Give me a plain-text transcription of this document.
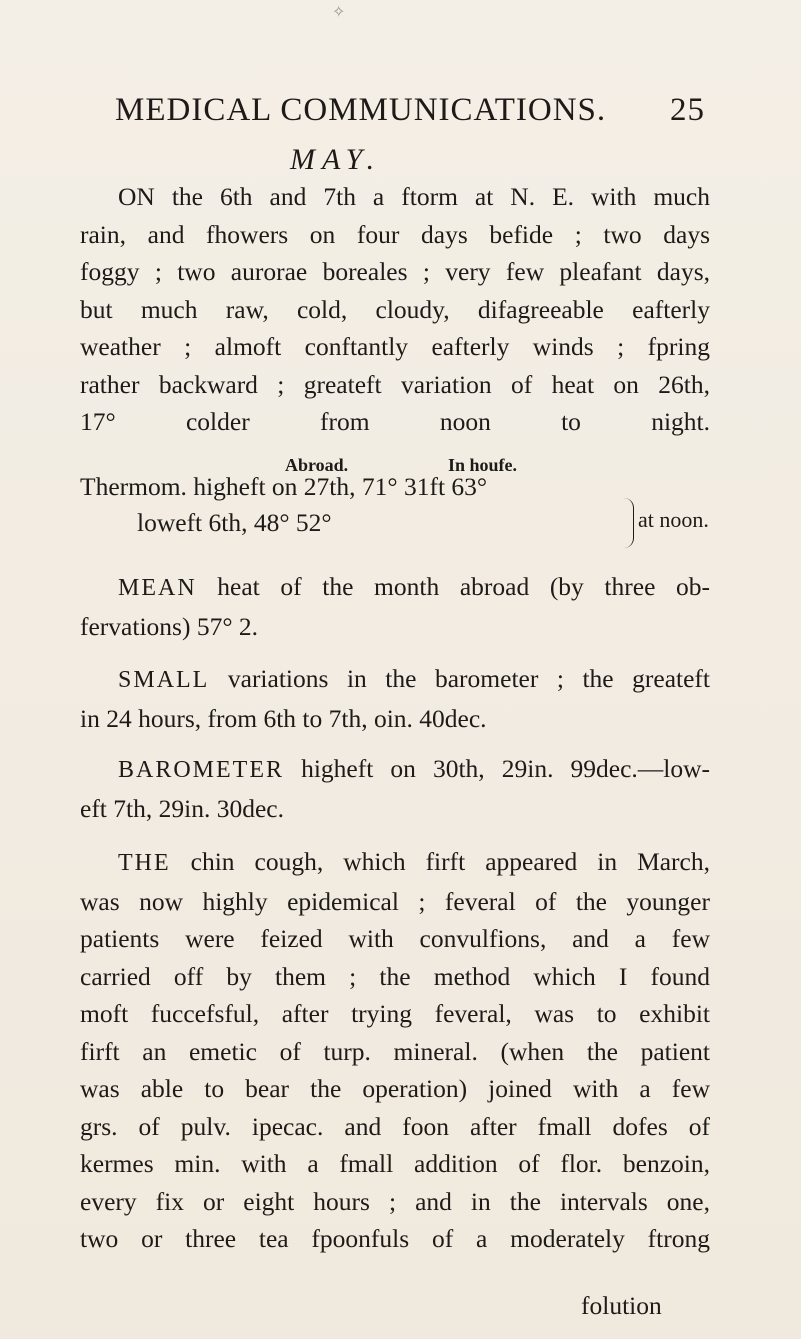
✧
MEDICAL COMMUNICATIONS. 25
MAY.
ON the 6th and 7th a ftorm at N. E. with much
rain, and fhowers on four days befide ; two days
foggy ; two aurorae boreales ; very few pleafant days,
but much raw, cold, cloudy, difagreeable eafterly
weather ; almoft conftantly eafterly winds ; fpring
rather backward ; greateft variation of heat on 26th,
17° colder from noon to night.
Abroad.	In houfe.
Thermom. higheft on 27th, 71° 31ft 63°
loweft 6th, 48° 52°	at noon.
MEAN heat of the month abroad (by three ob-
fervations) 57° 2.
SMALL variations in the barometer ; the greateft
in 24 hours, from 6th to 7th, oin. 40dec.
BAROMETER higheft on 30th, 29in. 99dec.—low-
eft 7th, 29in. 30dec.
THE chin cough, which firft appeared in March,
was now highly epidemical ; feveral of the younger
patients were feized with convulfions, and a few
carried off by them ; the method which I found
moft fuccefsful, after trying feveral, was to exhibit
firft an emetic of turp. mineral. (when the patient
was able to bear the operation) joined with a few
grs. of pulv. ipecac. and foon after fmall dofes of
kermes min. with a fmall addition of flor. benzoin,
every fix or eight hours ; and in the intervals one,
two or three tea fpoonfuls of a moderately ftrong
folution
